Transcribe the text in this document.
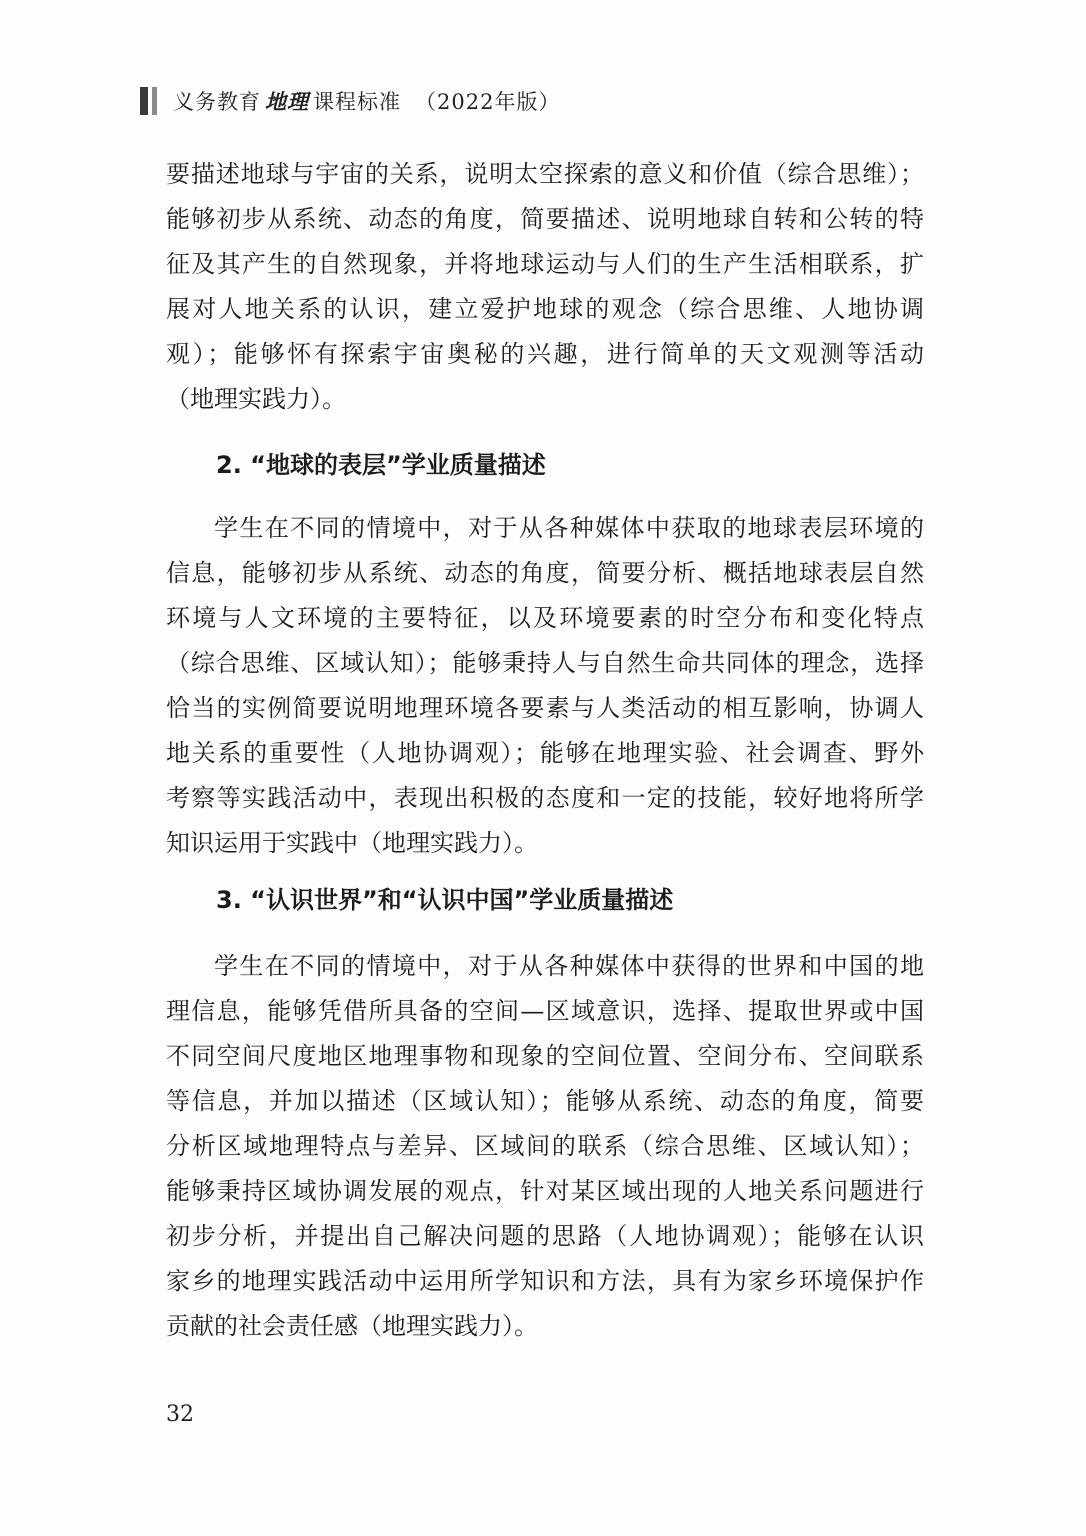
义务教育 地理 课程标准 （2022年版）
要描述地球与宇宙的关系，说明太空探索的意义和价值（综合思维）；
能够初步从系统、动态的角度，简要描述、说明地球自转和公转的特
征及其产生的自然现象，并将地球运动与人们的生产生活相联系，扩
展对人地关系的认识，建立爱护地球的观念（综合思维、人地协调
观）；能够怀有探索宇宙奥秘的兴趣，进行简单的天文观测等活动
（地理实践力）。
2. “地球的表层”学业质量描述
学生在不同的情境中，对于从各种媒体中获取的地球表层环境的
信息，能够初步从系统、动态的角度，简要分析、概括地球表层自然
环境与人文环境的主要特征，以及环境要素的时空分布和变化特点
（综合思维、区域认知）；能够秉持人与自然生命共同体的理念，选择
恰当的实例简要说明地理环境各要素与人类活动的相互影响，协调人
地关系的重要性（人地协调观）；能够在地理实验、社会调查、野外
考察等实践活动中，表现出积极的态度和一定的技能，较好地将所学
知识运用于实践中（地理实践力）。
3. “认识世界”和“认识中国”学业质量描述
学生在不同的情境中，对于从各种媒体中获得的世界和中国的地
理信息，能够凭借所具备的空间—区域意识，选择、提取世界或中国
不同空间尺度地区地理事物和现象的空间位置、空间分布、空间联系
等信息，并加以描述（区域认知）；能够从系统、动态的角度，简要
分析区域地理特点与差异、区域间的联系（综合思维、区域认知）；
能够秉持区域协调发展的观点，针对某区域出现的人地关系问题进行
初步分析，并提出自己解决问题的思路（人地协调观）；能够在认识
家乡的地理实践活动中运用所学知识和方法，具有为家乡环境保护作
贡献的社会责任感（地理实践力）。
32
